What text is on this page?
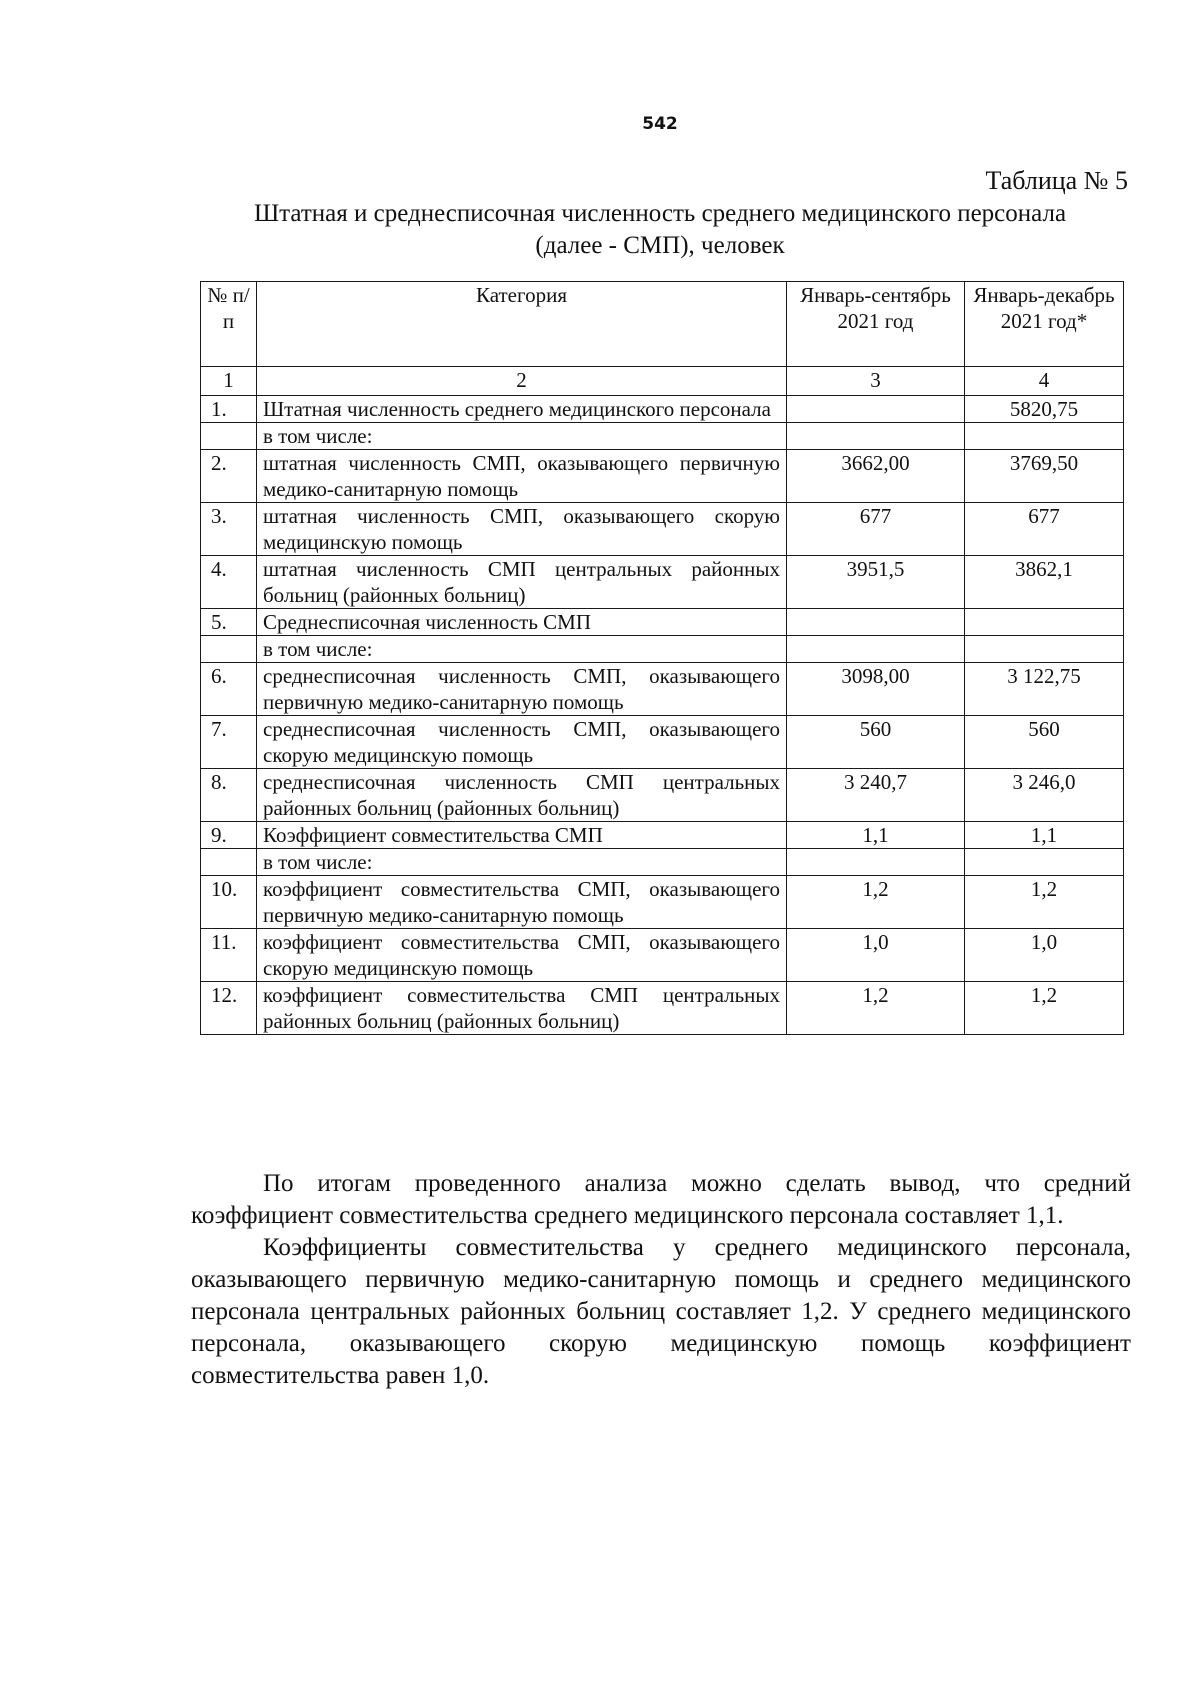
542
Таблица № 5
Штатная и среднесписочная численность среднего медицинского персонала
(далее - СМП), человек
№ п/п	Категория	Январь-сентябрь 2021 год	Январь-декабрь 2021 год*
1	2	3	4
1.	Штатная численность среднего медицинского персонала		5820,75
	в том числе:		
2.	штатная численность СМП, оказывающего первичную медико-санитарную помощь	3662,00	3769,50
3.	штатная численность СМП, оказывающего скорую медицинскую помощь	677	677
4.	штатная численность СМП центральных районных больниц (районных больниц)	3951,5	3862,1
5.	Среднесписочная численность СМП		
	в том числе:		
6.	среднесписочная численность СМП, оказывающего первичную медико-санитарную помощь	3098,00	3 122,75
7.	среднесписочная численность СМП, оказывающего скорую медицинскую помощь	560	560
8.	среднесписочная численность СМП центральных районных больниц (районных больниц)	3 240,7	3 246,0
9.	Коэффициент совместительства СМП	1,1	1,1
	в том числе:		
10.	коэффициент совместительства СМП, оказывающего первичную медико-санитарную помощь	1,2	1,2
11.	коэффициент совместительства СМП, оказывающего скорую медицинскую помощь	1,0	1,0
12.	коэффициент совместительства СМП центральных районных больниц (районных больниц)	1,2	1,2

По итогам проведенного анализа можно сделать вывод, что средний коэффициент совместительства среднего медицинского персонала составляет 1,1.

Коэффициенты совместительства у среднего медицинского персонала, оказывающего первичную медико-санитарную помощь и среднего медицинского персонала центральных районных больниц составляет 1,2. У среднего медицинского персонала, оказывающего скорую медицинскую помощь коэффициент совместительства равен 1,0.
